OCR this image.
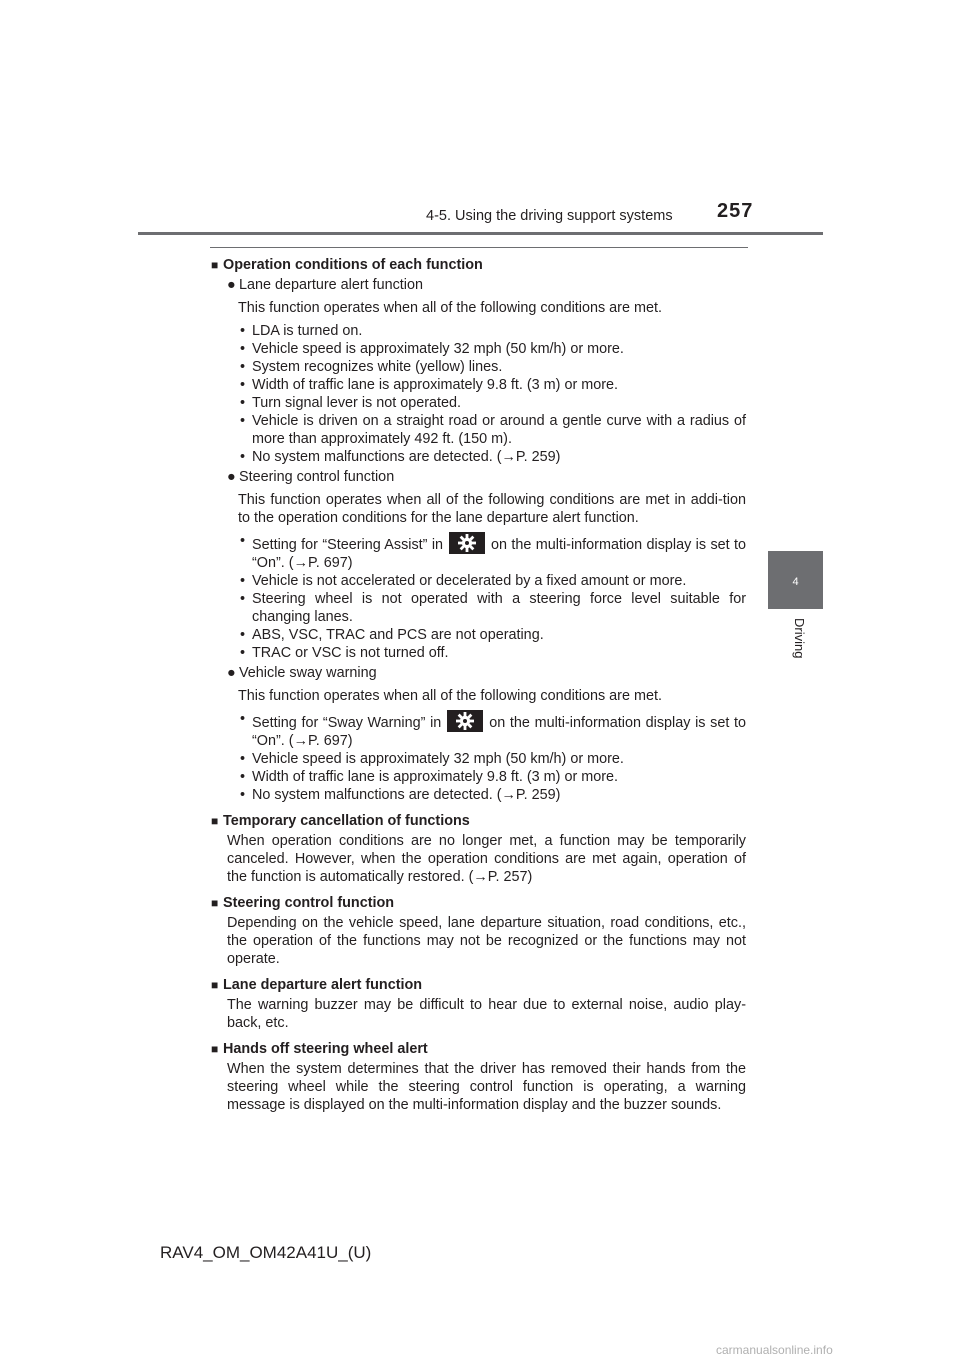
4-5. Using the driving support systems 257
4
Driving
■ Operation conditions of each function
● Lane departure alert function
This function operates when all of the following conditions are met.
• LDA is turned on.
• Vehicle speed is approximately 32 mph (50 km/h) or more.
• System recognizes white (yellow) lines.
• Width of traffic lane is approximately 9.8 ft. (3 m) or more.
• Turn signal lever is not operated.
• Vehicle is driven on a straight road or around a gentle curve with a radius of more than approximately 492 ft. (150 m).
• No system malfunctions are detected. (→P. 259)
● Steering control function
This function operates when all of the following conditions are met in addi-tion to the operation conditions for the lane departure alert function.
• Setting for “Steering Assist” in	on the multi-information display is set to “On”. (→P. 697)
• Vehicle is not accelerated or decelerated by a fixed amount or more.
• Steering wheel is not operated with a steering force level suitable for changing lanes.
• ABS, VSC, TRAC and PCS are not operating.
• TRAC or VSC is not turned off.
● Vehicle sway warning
This function operates when all of the following conditions are met.
• Setting for “Sway Warning” in	on the multi-information display is set to “On”. (→P. 697)
• Vehicle speed is approximately 32 mph (50 km/h) or more.
• Width of traffic lane is approximately 9.8 ft. (3 m) or more.
• No system malfunctions are detected. (→P. 259)
■ Temporary cancellation of functions
When operation conditions are no longer met, a function may be temporarily canceled. However, when the operation conditions are met again, operation of the function is automatically restored. (→P. 257)
■ Steering control function
Depending on the vehicle speed, lane departure situation, road conditions, etc., the operation of the functions may not be recognized or the functions may not operate.
■ Lane departure alert function
The warning buzzer may be difficult to hear due to external noise, audio play-back, etc.
■ Hands off steering wheel alert
When the system determines that the driver has removed their hands from the steering wheel while the steering control function is operating, a warning message is displayed on the multi-information display and the buzzer sounds.
RAV4_OM_OM42A41U_(U)
carmanualsonline.info
